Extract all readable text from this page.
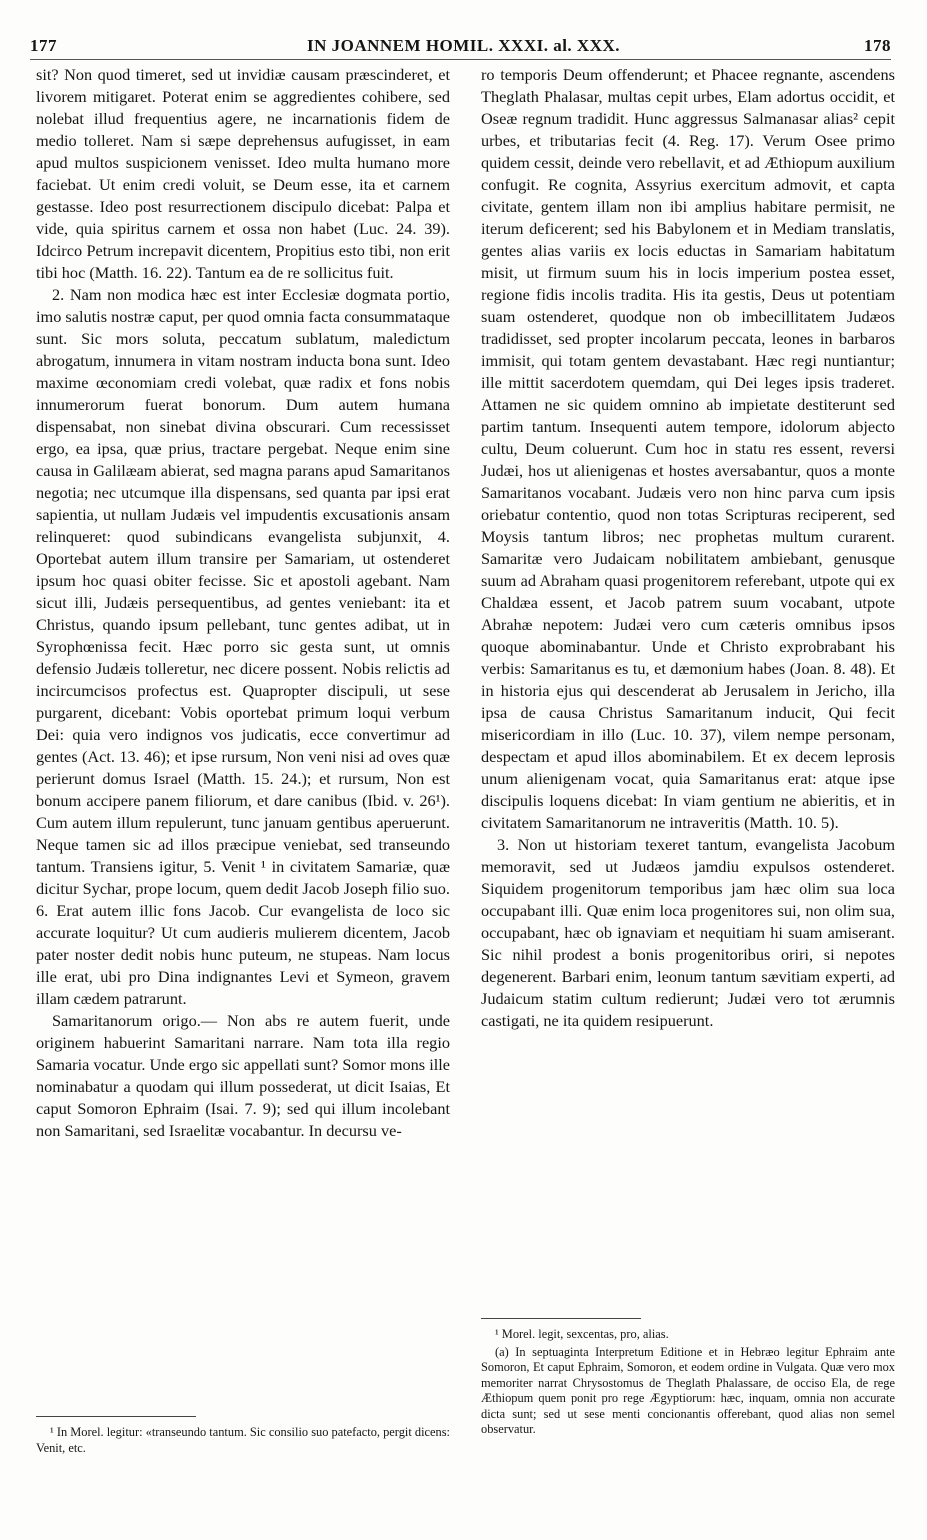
177	IN JOANNEM HOMIL. XXXI. al. XXX.	178

sit? Non quod timeret, sed ut invidiæ causam præscinderet, et livorem mitigaret. Poterat enim se aggredientes cohibere, sed nolebat illud frequentius agere, ne incarnationis fidem de medio tolleret. Nam si sæpe deprehensus aufugisset, in eam apud multos suspicionem venisset. Ideo multa humano more faciebat. Ut enim credi voluit, se Deum esse, ita et carnem gestasse. Ideo post resurrectionem discipulo dicebat: Palpa et vide, quia spiritus carnem et ossa non habet (Luc. 24. 39). Idcirco Petrum increpavit dicentem, Propitius esto tibi, non erit tibi hoc (Matth. 16. 22). Tantum ea de re sollicitus fuit.

2. Nam non modica hæc est inter Ecclesiæ dogmata portio, imo salutis nostræ caput, per quod omnia facta consummataque sunt. Sic mors soluta, peccatum sublatum, maledictum abrogatum, innumera in vitam nostram inducta bona sunt. Ideo maxime œconomiam credi volebat, quæ radix et fons nobis innumerorum fuerat bonorum. Dum autem humana dispensabat, non sinebat divina obscurari. Cum recessisset ergo, ea ipsa, quæ prius, tractare pergebat. Neque enim sine causa in Galilæam abierat, sed magna parans apud Samaritanos negotia; nec utcumque illa dispensans, sed quanta par ipsi erat sapientia, ut nullam Judæis vel impudentis excusationis ansam relinqueret: quod subindicans evangelista subjunxit, 4. Oportebat autem illum transire per Samariam, ut ostenderet ipsum hoc quasi obiter fecisse. Sic et apostoli agebant. Nam sicut illi, Judæis persequentibus, ad gentes veniebant: ita et Christus, quando ipsum pellebant, tunc gentes adibat, ut in Syrophœnissa fecit. Hæc porro sic gesta sunt, ut omnis defensio Judæis tolleretur, nec dicere possent. Nobis relictis ad incircumcisos profectus est. Quapropter discipuli, ut sese purgarent, dicebant: Vobis oportebat primum loqui verbum Dei: quia vero indignos vos judicatis, ecce convertimur ad gentes (Act. 13. 46); et ipse rursum, Non veni nisi ad oves quæ perierunt domus Israel (Matth. 15. 24.); et rursum, Non est bonum accipere panem filiorum, et dare canibus (Ibid. v. 26¹). Cum autem illum repulerunt, tunc januam gentibus aperuerunt. Neque tamen sic ad illos præcipue veniebat, sed transeundo tantum. Transiens igitur, 5. Venit ¹ in civitatem Samariæ, quæ dicitur Sychar, prope locum, quem dedit Jacob Joseph filio suo. 6. Erat autem illic fons Jacob. Cur evangelista de loco sic accurate loquitur? Ut cum audieris mulierem dicentem, Jacob pater noster dedit nobis hunc puteum, ne stupeas. Nam locus ille erat, ubi pro Dina indignantes Levi et Symeon, gravem illam cædem patrarunt.

Samaritanorum origo.— Non abs re autem fuerit, unde originem habuerint Samaritani narrare. Nam tota illa regio Samaria vocatur. Unde ergo sic appellati sunt? Somor mons ille nominabatur a quodam qui illum possederat, ut dicit Isaias, Et caput Somoron Ephraim (Isai. 7. 9); sed qui illum incolebant non Samaritani, sed Israelitæ vocabantur. In decursu ve-

ro temporis Deum offenderunt; et Phacee regnante, ascendens Theglath Phalasar, multas cepit urbes, Elam adortus occidit, et Oseæ regnum tradidit. Hunc aggressus Salmanasar alias² cepit urbes, et tributarias fecit (4. Reg. 17). Verum Osee primo quidem cessit, deinde vero rebellavit, et ad Æthiopum auxilium confugit. Re cognita, Assyrius exercitum admovit, et capta civitate, gentem illam non ibi amplius habitare permisit, ne iterum deficerent; sed his Babylonem et in Mediam translatis, gentes alias variis ex locis eductas in Samariam habitatum misit, ut firmum suum his in locis imperium postea esset, regione fidis incolis tradita. His ita gestis, Deus ut potentiam suam ostenderet, quodque non ob imbecillitatem Judæos tradidisset, sed propter incolarum peccata, leones in barbaros immisit, qui totam gentem devastabant. Hæc regi nuntiantur; ille mittit sacerdotem quemdam, qui Dei leges ipsis traderet. Attamen ne sic quidem omnino ab impietate destiterunt sed partim tantum. Insequenti autem tempore, idolorum abjecto cultu, Deum coluerunt. Cum hoc in statu res essent, reversi Judæi, hos ut alienigenas et hostes aversabantur, quos a monte Samaritanos vocabant. Judæis vero non hinc parva cum ipsis oriebatur contentio, quod non totas Scripturas reciperent, sed Moysis tantum libros; nec prophetas multum curarent. Samaritæ vero Judaicam nobilitatem ambiebant, genusque suum ad Abraham quasi progenitorem referebant, utpote qui ex Chaldæa essent, et Jacob patrem suum vocabant, utpote Abrahæ nepotem: Judæi vero cum cæteris omnibus ipsos quoque abominabantur. Unde et Christo exprobrabant his verbis: Samaritanus es tu, et dæmonium habes (Joan. 8. 48). Et in historia ejus qui descenderat ab Jerusalem in Jericho, illa ipsa de causa Christus Samaritanum inducit, Qui fecit misericordiam in illo (Luc. 10. 37), vilem nempe personam, despectam et apud illos abominabilem. Et ex decem leprosis unum alienigenam vocat, quia Samaritanus erat: atque ipse discipulis loquens dicebat: In viam gentium ne abieritis, et in civitatem Samaritanorum ne intraveritis (Matth. 10. 5).

3. Non ut historiam texeret tantum, evangelista Jacobum memoravit, sed ut Judæos jamdiu expulsos ostenderet. Siquidem progenitorum temporibus jam hæc olim sua loca occupabant illi. Quæ enim loca progenitores sui, non olim sua, occupabant, hæc ob ignaviam et nequitiam hi suam amiserant. Sic nihil prodest a bonis progenitoribus oriri, si nepotes degenerent. Barbari enim, leonum tantum sævitiam experti, ad Judaicum statim cultum redierunt; Judæi vero tot ærumnis castigati, ne ita quidem resipuerunt.

¹ In Morel. legitur: «transeundo tantum. Sic consilio suo patefacto, pergit dicens: Venit, etc.

¹ Morel. legit, sexcentas, pro, alias.

(a) In septuaginta Interpretum Editione et in Hebræo legitur Ephraim ante Somoron, Et caput Ephraim, Somoron, et eodem ordine in Vulgata. Quæ vero mox memoriter narrat Chrysostomus de Theglath Phalassare, de occiso Ela, de rege Æthiopum quem ponit pro rege Ægyptiorum: hæc, inquam, omnia non accurate dicta sunt; sed ut sese menti concionantis offerebant, quod alias non semel observatur.
